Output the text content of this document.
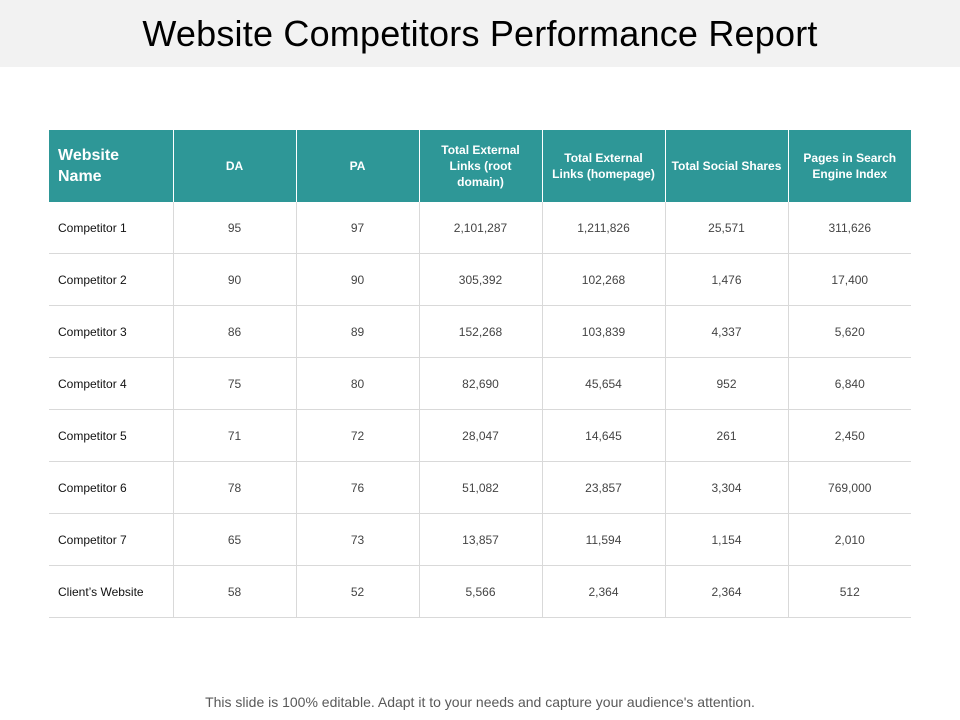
Website Competitors Performance Report
Website Name	DA	PA	Total External Links (root domain)	Total External Links (homepage)	Total Social Shares	Pages in Search Engine Index
Competitor 1	95	97	2,101,287	1,211,826	25,571	311,626
Competitor 2	90	90	305,392	102,268	1,476	17,400
Competitor 3	86	89	152,268	103,839	4,337	5,620
Competitor 4	75	80	82,690	45,654	952	6,840
Competitor 5	71	72	28,047	14,645	261	2,450
Competitor 6	78	76	51,082	23,857	3,304	769,000
Competitor 7	65	73	13,857	11,594	1,154	2,010
Client’s Website	58	52	5,566	2,364	2,364	512
This slide is 100% editable. Adapt it to your needs and capture your audience's attention.
